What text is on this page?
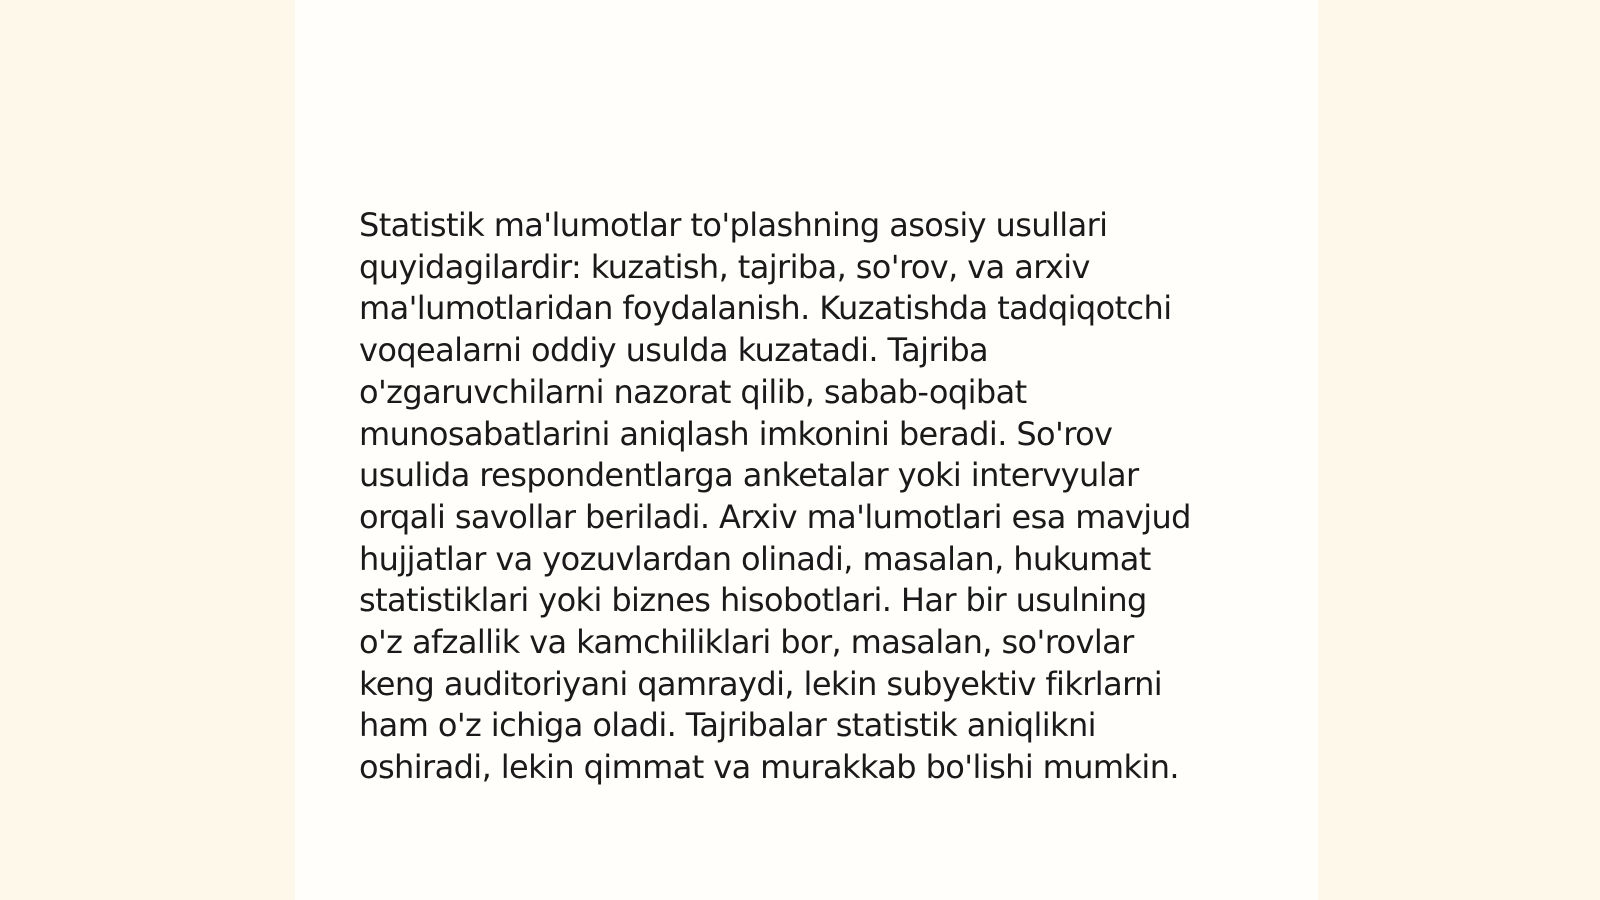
Statistik ma'lumotlar to'plashning asosiy usullari
quyidagilardir: kuzatish, tajriba, so'rov, va arxiv
ma'lumotlaridan foydalanish. Kuzatishda tadqiqotchi
voqealarni oddiy usulda kuzatadi. Tajriba
o'zgaruvchilarni nazorat qilib, sabab-oqibat
munosabatlarini aniqlash imkonini beradi. So'rov
usulida respondentlarga anketalar yoki intervyular
orqali savollar beriladi. Arxiv ma'lumotlari esa mavjud
hujjatlar va yozuvlardan olinadi, masalan, hukumat
statistiklari yoki biznes hisobotlari. Har bir usulning
o'z afzallik va kamchiliklari bor, masalan, so'rovlar
keng auditoriyani qamraydi, lekin subyektiv fikrlarni
ham o'z ichiga oladi. Tajribalar statistik aniqlikni
oshiradi, lekin qimmat va murakkab bo'lishi mumkin.
